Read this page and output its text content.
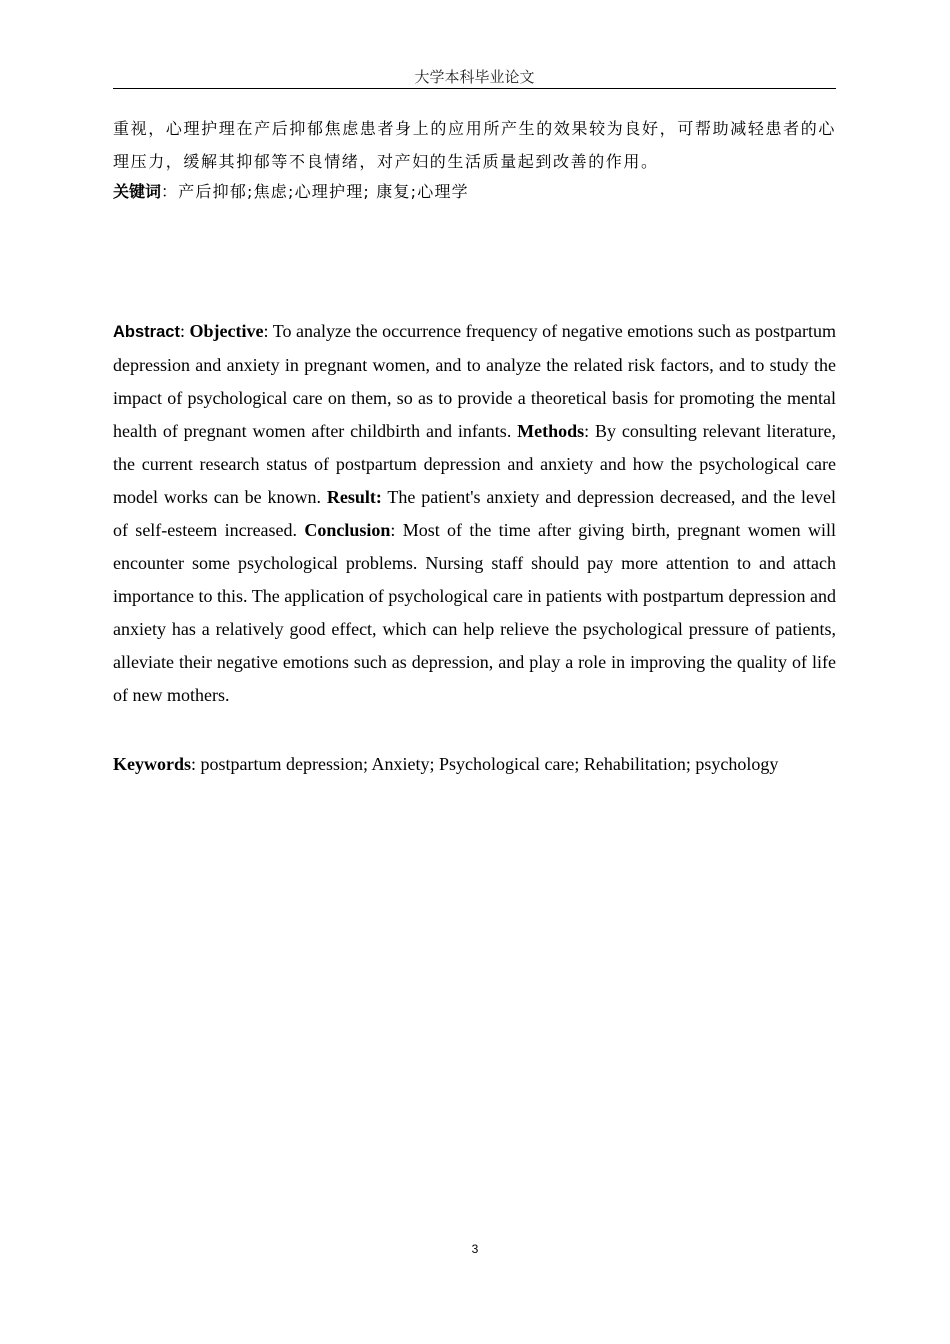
大学本科毕业论文

重视，心理护理在产后抑郁焦虑患者身上的应用所产生的效果较为良好，可帮助减轻患者的心理压力，缓解其抑郁等不良情绪，对产妇的生活质量起到改善的作用。

关键词：产后抑郁;焦虑;心理护理; 康复;心理学

Abstract: Objective: To analyze the occurrence frequency of negative emotions such as postpartum depression and anxiety in pregnant women, and to analyze the related risk factors, and to study the impact of psychological care on them, so as to provide a theoretical basis for promoting the mental health of pregnant women after childbirth and infants. Methods: By consulting relevant literature, the current research status of postpartum depression and anxiety and how the psychological care model works can be known. Result: The patient's anxiety and depression decreased, and the level of self-esteem increased. Conclusion: Most of the time after giving birth, pregnant women will encounter some psychological problems. Nursing staff should pay more attention to and attach importance to this. The application of psychological care in patients with postpartum depression and anxiety has a relatively good effect, which can help relieve the psychological pressure of patients, alleviate their negative emotions such as depression, and play a role in improving the quality of life of new mothers.

Keywords: postpartum depression; Anxiety; Psychological care; Rehabilitation; psychology
3
